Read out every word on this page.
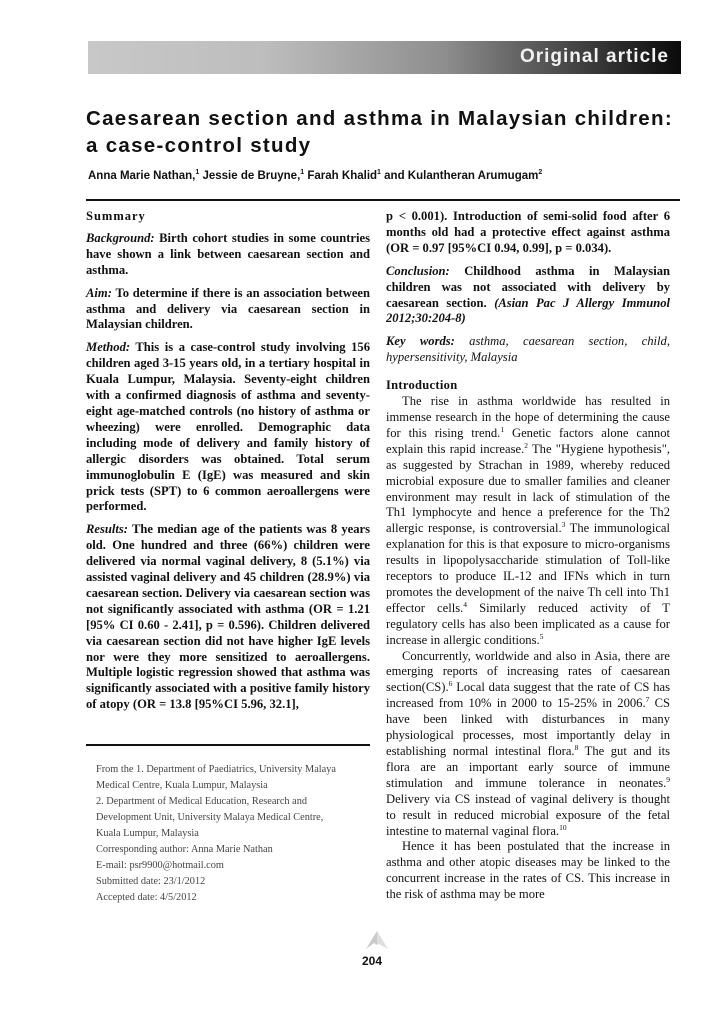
Original article
Caesarean section and asthma in Malaysian children:
a case-control study
Anna Marie Nathan,$^1$ Jessie de Bruyne,$^1$ Farah Khalid$^1$ and Kulantheran Arumugam$^2$
Summary

Background: Birth cohort studies in some countries have shown a link between caesarean section and asthma.

Aim: To determine if there is an association between asthma and delivery via caesarean section in Malaysian children.

Method: This is a case-control study involving 156 children aged 3-15 years old, in a tertiary hospital in Kuala Lumpur, Malaysia. Seventy-eight children with a confirmed diagnosis of asthma and seventy-eight age-matched controls (no history of asthma or wheezing) were enrolled. Demographic data including mode of delivery and family history of allergic disorders was obtained. Total serum immunoglobulin E (IgE) was measured and skin prick tests (SPT) to 6 common aeroallergens were performed.

Results: The median age of the patients was 8 years old. One hundred and three (66%) children were delivered via normal vaginal delivery, 8 (5.1%) via assisted vaginal delivery and 45 children (28.9%) via caesarean section. Delivery via caesarean section was not significantly associated with asthma (OR = 1.21 [95% CI 0.60 - 2.41], p = 0.596). Children delivered via caesarean section did not have higher IgE levels nor were they more sensitized to aeroallergens. Multiple logistic regression showed that asthma was significantly associated with a positive family history of atopy (OR = 13.8 [95%CI 5.96, 32.1],

From the 1. Department of Paediatrics, University Malaya
Medical Centre, Kuala Lumpur, Malaysia
2. Department of Medical Education, Research and
Development Unit, University Malaya Medical Centre,
Kuala Lumpur, Malaysia
Corresponding author: Anna Marie Nathan
E-mail: psr9900@hotmail.com
Submitted date: 23/1/2012
Accepted date: 4/5/2012

p < 0.001). Introduction of semi-solid food after 6 months old had a protective effect against asthma (OR = 0.97 [95%CI 0.94, 0.99], p = 0.034).

Conclusion: Childhood asthma in Malaysian children was not associated with delivery by caesarean section. (Asian Pac J Allergy Immunol 2012;30:204-8)

Key words: asthma, caesarean section, child, hypersensitivity, Malaysia

Introduction

The rise in asthma worldwide has resulted in immense research in the hope of determining the cause for this rising trend.$^1$ Genetic factors alone cannot explain this rapid increase.$^2$ The "Hygiene hypothesis", as suggested by Strachan in 1989, whereby reduced microbial exposure due to smaller families and cleaner environment may result in lack of stimulation of the Th1 lymphocyte and hence a preference for the Th2 allergic response, is controversial.$^3$ The immunological explanation for this is that exposure to micro-organisms results in lipopolysaccharide stimulation of Toll-like receptors to produce IL-12 and IFNs which in turn promotes the development of the naive Th cell into Th1 effector cells.$^4$ Similarly reduced activity of T regulatory cells has also been implicated as a cause for increase in allergic conditions.$^5$

Concurrently, worldwide and also in Asia, there are emerging reports of increasing rates of caesarean section(CS).$^6$ Local data suggest that the rate of CS has increased from 10% in 2000 to 15-25% in 2006.$^7$ CS have been linked with disturbances in many physiological processes, most importantly delay in establishing normal intestinal flora.$^8$ The gut and its flora are an important early source of immune stimulation and immune tolerance in neonates.$^9$ Delivery via CS instead of vaginal delivery is thought to result in reduced microbial exposure of the fetal intestine to maternal vaginal flora.$^{10}$

Hence it has been postulated that the increase in asthma and other atopic diseases may be linked to the concurrent increase in the rates of CS. This increase in the risk of asthma may be more

204
